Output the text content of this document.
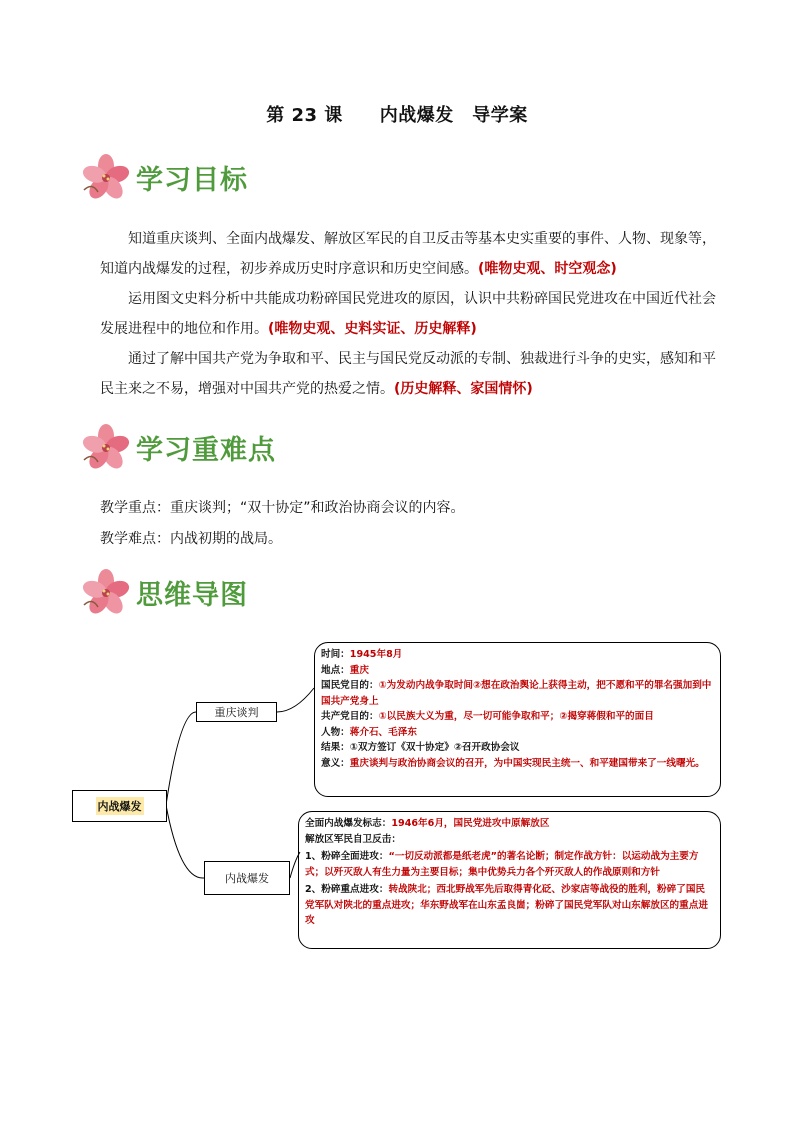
第 23 课　　内战爆发　导学案
学习目标
知道重庆谈判、全面内战爆发、解放区军民的自卫反击等基本史实重要的事件、人物、现象等，知道内战爆发的过程，初步养成历史时序意识和历史空间感。(唯物史观、时空观念)
运用图文史料分析中共能成功粉碎国民党进攻的原因，认识中共粉碎国民党进攻在中国近代社会发展进程中的地位和作用。(唯物史观、史料实证、历史解释)
通过了解中国共产党为争取和平、民主与国民党反动派的专制、独裁进行斗争的史实，感知和平民主来之不易，增强对中国共产党的热爱之情。(历史解释、家国情怀)
学习重难点
教学重点：重庆谈判；“双十协定”和政治协商会议的内容。
教学难点：内战初期的战局。
思维导图
内战爆发
重庆谈判
内战爆发
时间：1945年8月
地点：重庆
国民党目的：①为发动内战争取时间②想在政治舆论上获得主动，把不愿和平的罪名强加到中国共产党身上
共产党目的：①以民族大义为重，尽一切可能争取和平；②揭穿蒋假和平的面目
人物：蒋介石、毛泽东
结果：①双方签订《双十协定》②召开政协会议
意义：重庆谈判与政治协商会议的召开，为中国实现民主统一、和平建国带来了一线曙光。
全面内战爆发标志：1946年6月，国民党进攻中原解放区
解放区军民自卫反击：
1、粉碎全面进攻：“一切反动派都是纸老虎”的著名论断；制定作战方针：以运动战为主要方式；以歼灭敌人有生力量为主要目标；集中优势兵力各个歼灭敌人的作战原则和方针
2、粉碎重点进攻：转战陕北；西北野战军先后取得青化砭、沙家店等战役的胜利，粉碎了国民党军队对陕北的重点进攻；华东野战军在山东孟良崮；粉碎了国民党军队对山东解放区的重点进攻
